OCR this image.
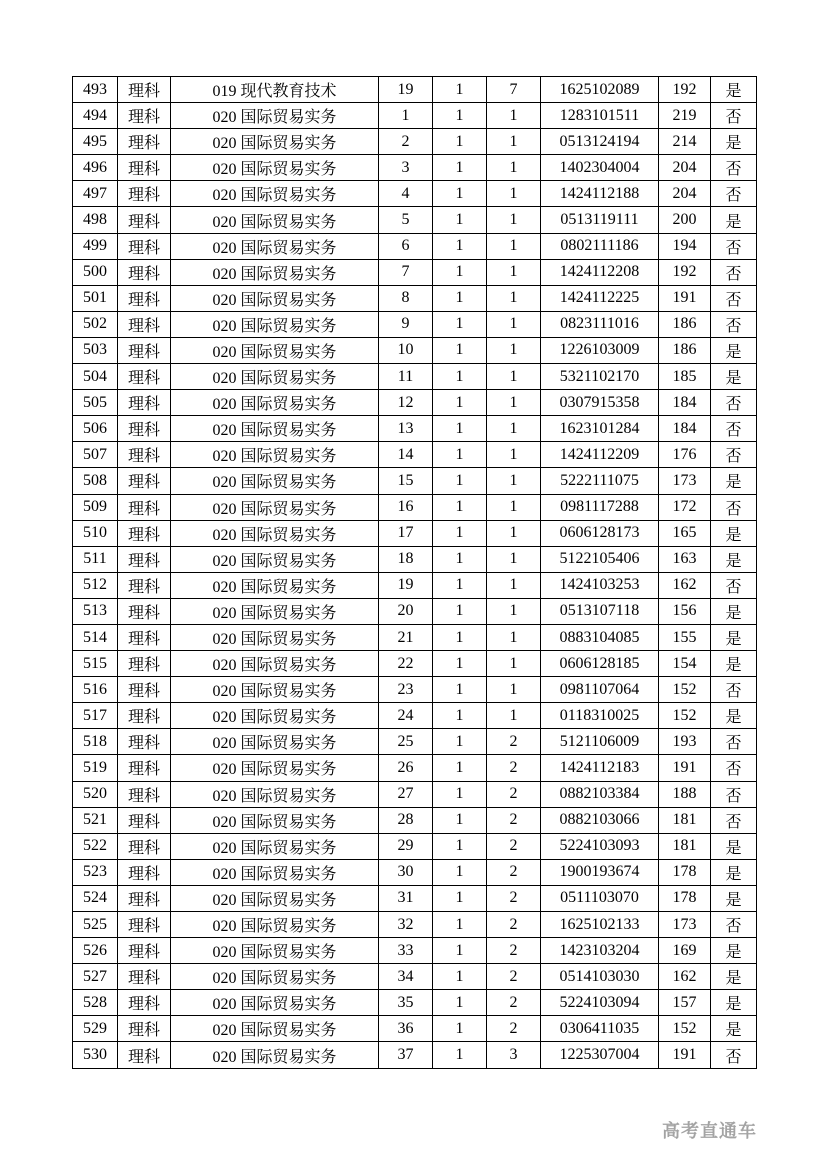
493	理科	019 现代教育技术	19	1	7	1625102089	192	是
494	理科	020 国际贸易实务	1	1	1	1283101511	219	否
495	理科	020 国际贸易实务	2	1	1	0513124194	214	是
496	理科	020 国际贸易实务	3	1	1	1402304004	204	否
497	理科	020 国际贸易实务	4	1	1	1424112188	204	否
498	理科	020 国际贸易实务	5	1	1	0513119111	200	是
499	理科	020 国际贸易实务	6	1	1	0802111186	194	否
500	理科	020 国际贸易实务	7	1	1	1424112208	192	否
501	理科	020 国际贸易实务	8	1	1	1424112225	191	否
502	理科	020 国际贸易实务	9	1	1	0823111016	186	否
503	理科	020 国际贸易实务	10	1	1	1226103009	186	是
504	理科	020 国际贸易实务	11	1	1	5321102170	185	是
505	理科	020 国际贸易实务	12	1	1	0307915358	184	否
506	理科	020 国际贸易实务	13	1	1	1623101284	184	否
507	理科	020 国际贸易实务	14	1	1	1424112209	176	否
508	理科	020 国际贸易实务	15	1	1	5222111075	173	是
509	理科	020 国际贸易实务	16	1	1	0981117288	172	否
510	理科	020 国际贸易实务	17	1	1	0606128173	165	是
511	理科	020 国际贸易实务	18	1	1	5122105406	163	是
512	理科	020 国际贸易实务	19	1	1	1424103253	162	否
513	理科	020 国际贸易实务	20	1	1	0513107118	156	是
514	理科	020 国际贸易实务	21	1	1	0883104085	155	是
515	理科	020 国际贸易实务	22	1	1	0606128185	154	是
516	理科	020 国际贸易实务	23	1	1	0981107064	152	否
517	理科	020 国际贸易实务	24	1	1	0118310025	152	是
518	理科	020 国际贸易实务	25	1	2	5121106009	193	否
519	理科	020 国际贸易实务	26	1	2	1424112183	191	否
520	理科	020 国际贸易实务	27	1	2	0882103384	188	否
521	理科	020 国际贸易实务	28	1	2	0882103066	181	否
522	理科	020 国际贸易实务	29	1	2	5224103093	181	是
523	理科	020 国际贸易实务	30	1	2	1900193674	178	是
524	理科	020 国际贸易实务	31	1	2	0511103070	178	是
525	理科	020 国际贸易实务	32	1	2	1625102133	173	否
526	理科	020 国际贸易实务	33	1	2	1423103204	169	是
527	理科	020 国际贸易实务	34	1	2	0514103030	162	是
528	理科	020 国际贸易实务	35	1	2	5224103094	157	是
529	理科	020 国际贸易实务	36	1	2	0306411035	152	是
530	理科	020 国际贸易实务	37	1	3	1225307004	191	否
高考直通车
